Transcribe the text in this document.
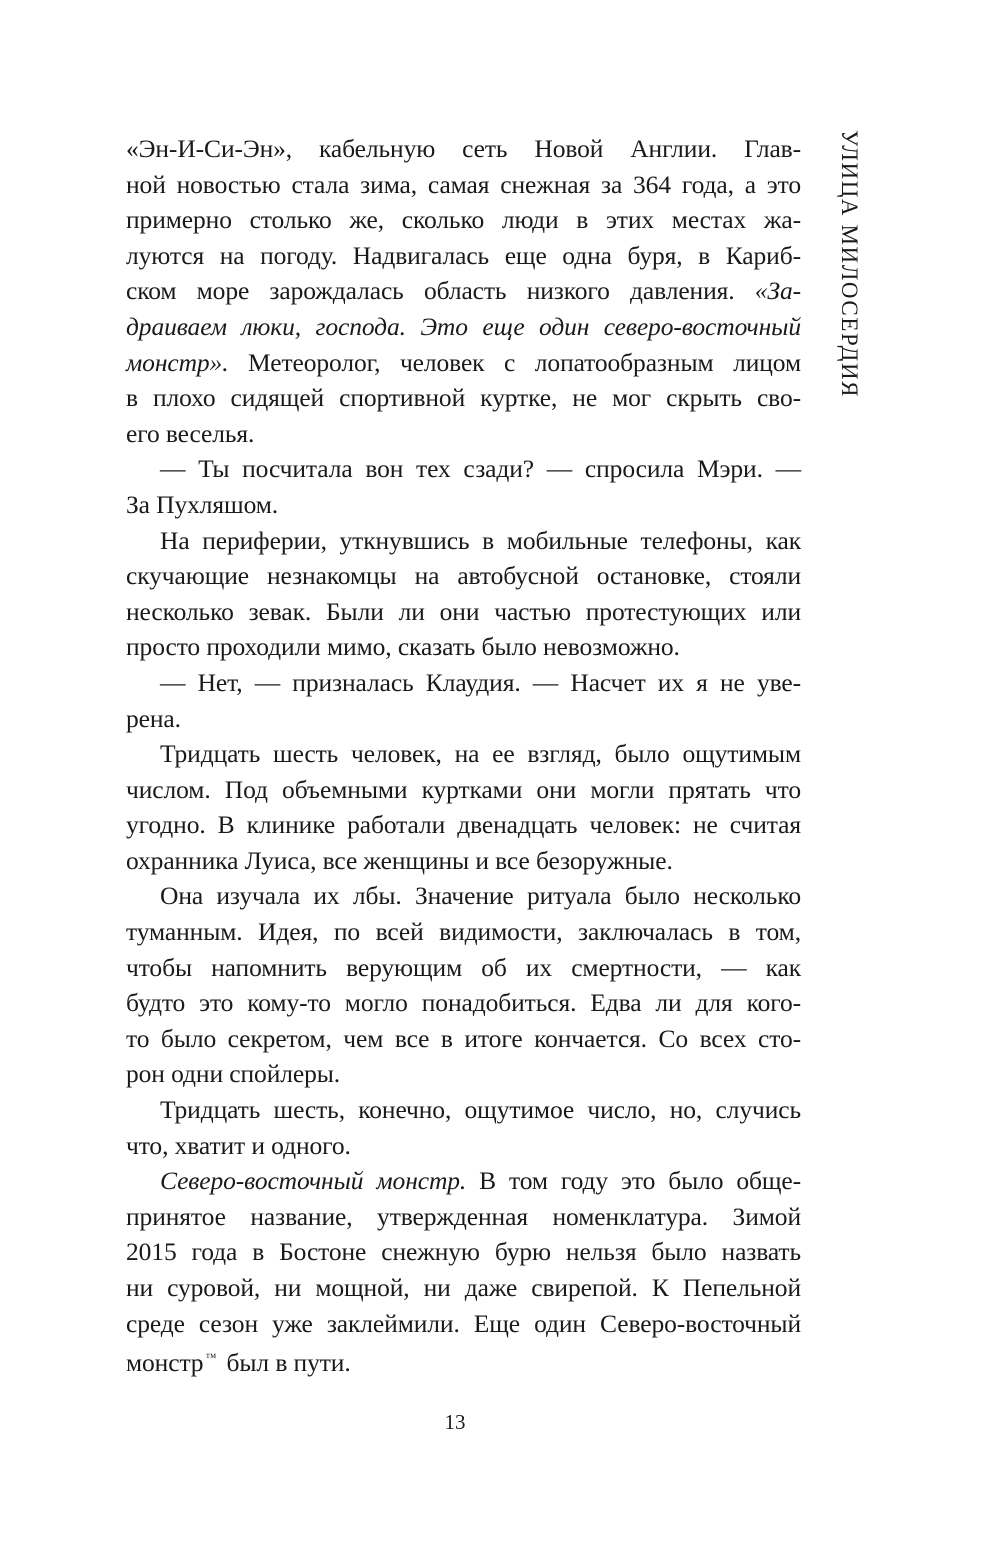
УЛИЦА МИЛОСЕРДИЯ
«Эн-И-Си-Эн», кабельную сеть Новой Англии. Глав-
ной новостью стала зима, самая снежная за 364 года, а это
примерно столько же, сколько люди в этих местах жа-
луются на погоду. Надвигалась еще одна буря, в Кариб-
ском море зарождалась область низкого давления. «За-
драиваем люки, господа. Это еще один северо-восточный
монстр». Метеоролог, человек с лопатообразным лицом
в плохо сидящей спортивной куртке, не мог скрыть сво-
его веселья.
— Ты посчитала вон тех сзади? — спросила Мэри. —
За Пухляшом.
На периферии, уткнувшись в мобильные телефоны, как
скучающие незнакомцы на автобусной остановке, стояли
несколько зевак. Были ли они частью протестующих или
просто проходили мимо, сказать было невозможно.
— Нет, — призналась Клаудия. — Насчет их я не уве-
рена.
Тридцать шесть человек, на ее взгляд, было ощутимым
числом. Под объемными куртками они могли прятать что
угодно. В клинике работали двенадцать человек: не считая
охранника Луиса, все женщины и все безоружные.
Она изучала их лбы. Значение ритуала было несколько
туманным. Идея, по всей видимости, заключалась в том,
чтобы напомнить верующим об их смертности, — как
будто это кому-то могло понадобиться. Едва ли для кого-
то было секретом, чем все в итоге кончается. Со всех сто-
рон одни спойлеры.
Тридцать шесть, конечно, ощутимое число, но, случись
что, хватит и одного.
Северо-восточный монстр. В том году это было обще-
принятое название, утвержденная номенклатура. Зимой
2015 года в Бостоне снежную бурю нельзя было назвать
ни суровой, ни мощной, ни даже свирепой. К Пепельной
среде сезон уже заклеймили. Еще один Северо-восточный
монстр ™ был в пути.
13
